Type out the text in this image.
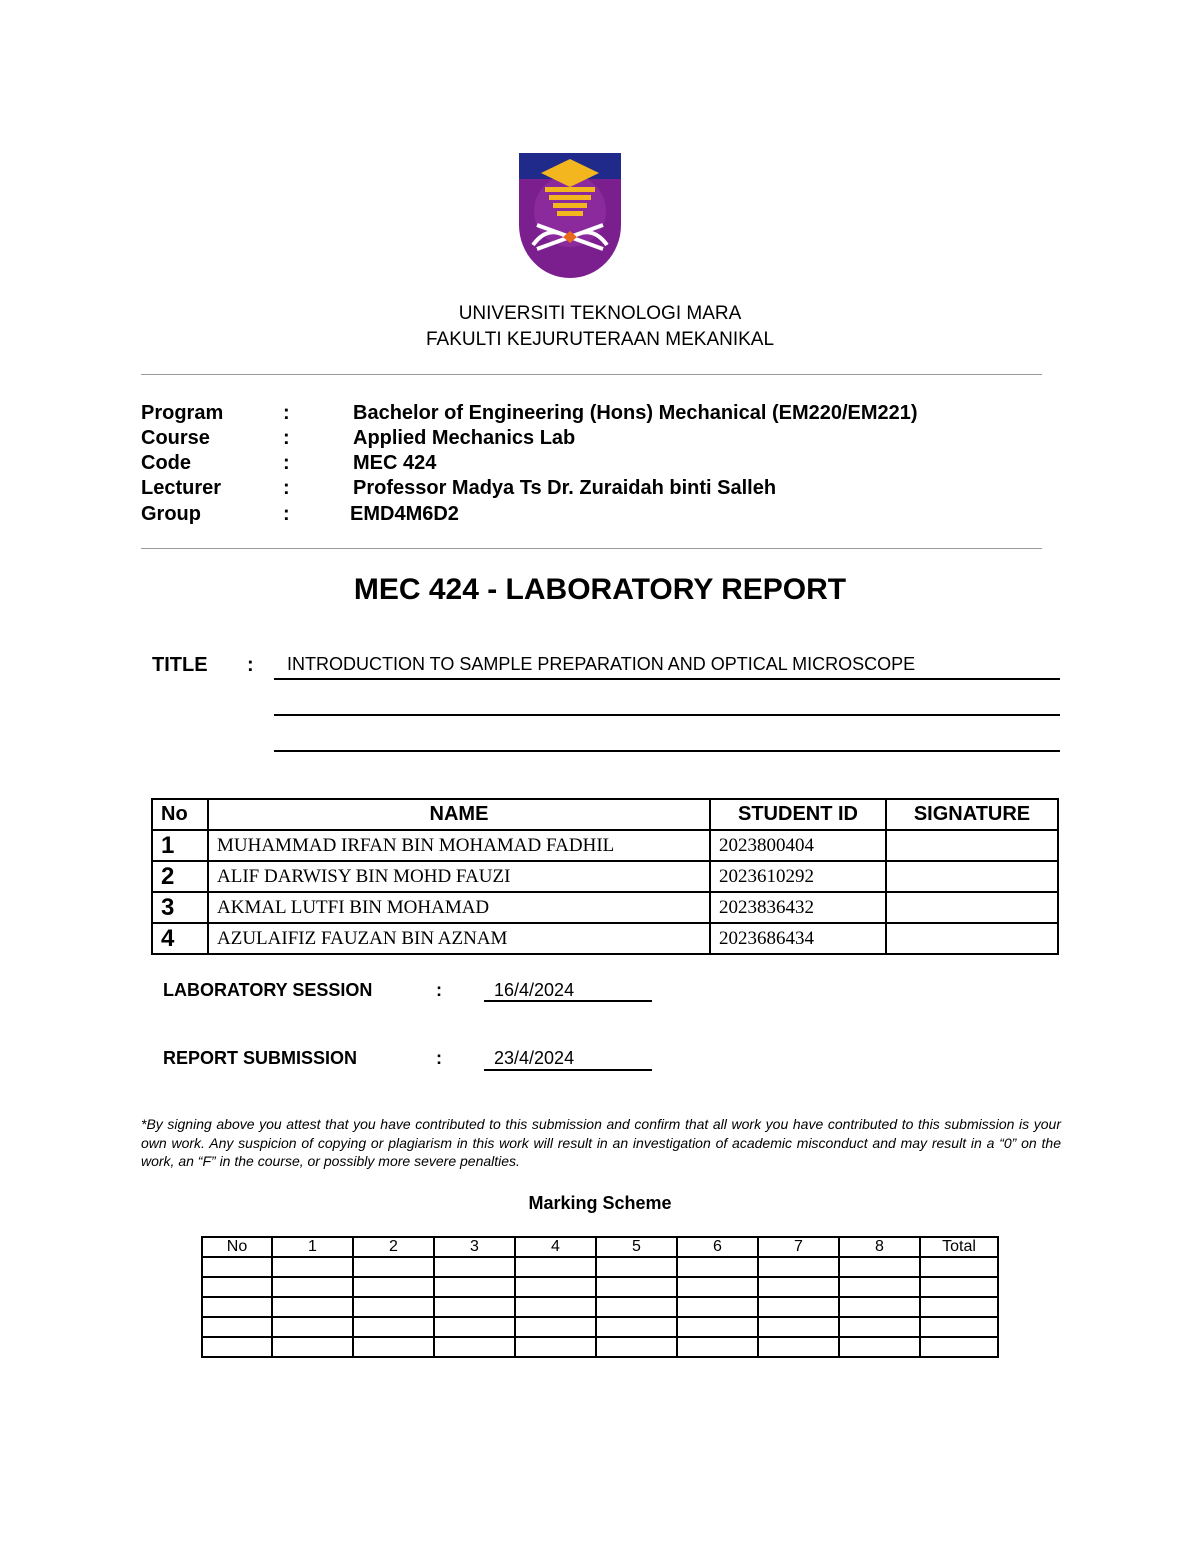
UNIVERSITI TEKNOLOGI MARA
FAKULTI KEJURUTERAAN MEKANIKAL
Program	:	Bachelor of Engineering (Hons) Mechanical (EM220/EM221)
Course	:	Applied Mechanics Lab
Code	:	MEC 424
Lecturer	:	Professor Madya Ts Dr. Zuraidah binti Salleh
Group	:	EMD4M6D2
MEC 424 - LABORATORY REPORT
TITLE : INTRODUCTION TO SAMPLE PREPARATION AND OPTICAL MICROSCOPE
No	NAME	STUDENT ID	SIGNATURE
1	MUHAMMAD IRFAN BIN MOHAMAD FADHIL	2023800404	
2	ALIF DARWISY BIN MOHD FAUZI	2023610292	
3	AKMAL LUTFI BIN MOHAMAD	2023836432	
4	AZULAIFIZ FAUZAN BIN AZNAM	2023686434	
LABORATORY SESSION	:	16/4/2024
REPORT SUBMISSION	:	23/4/2024
*By signing above you attest that you have contributed to this submission and confirm that all work you have contributed to this submission is your own work. Any suspicion of copying or plagiarism in this work will result in an investigation of academic misconduct and may result in a “0” on the work, an “F” in the course, or possibly more severe penalties.
Marking Scheme
No	1	2	3	4	5	6	7	8	Total
